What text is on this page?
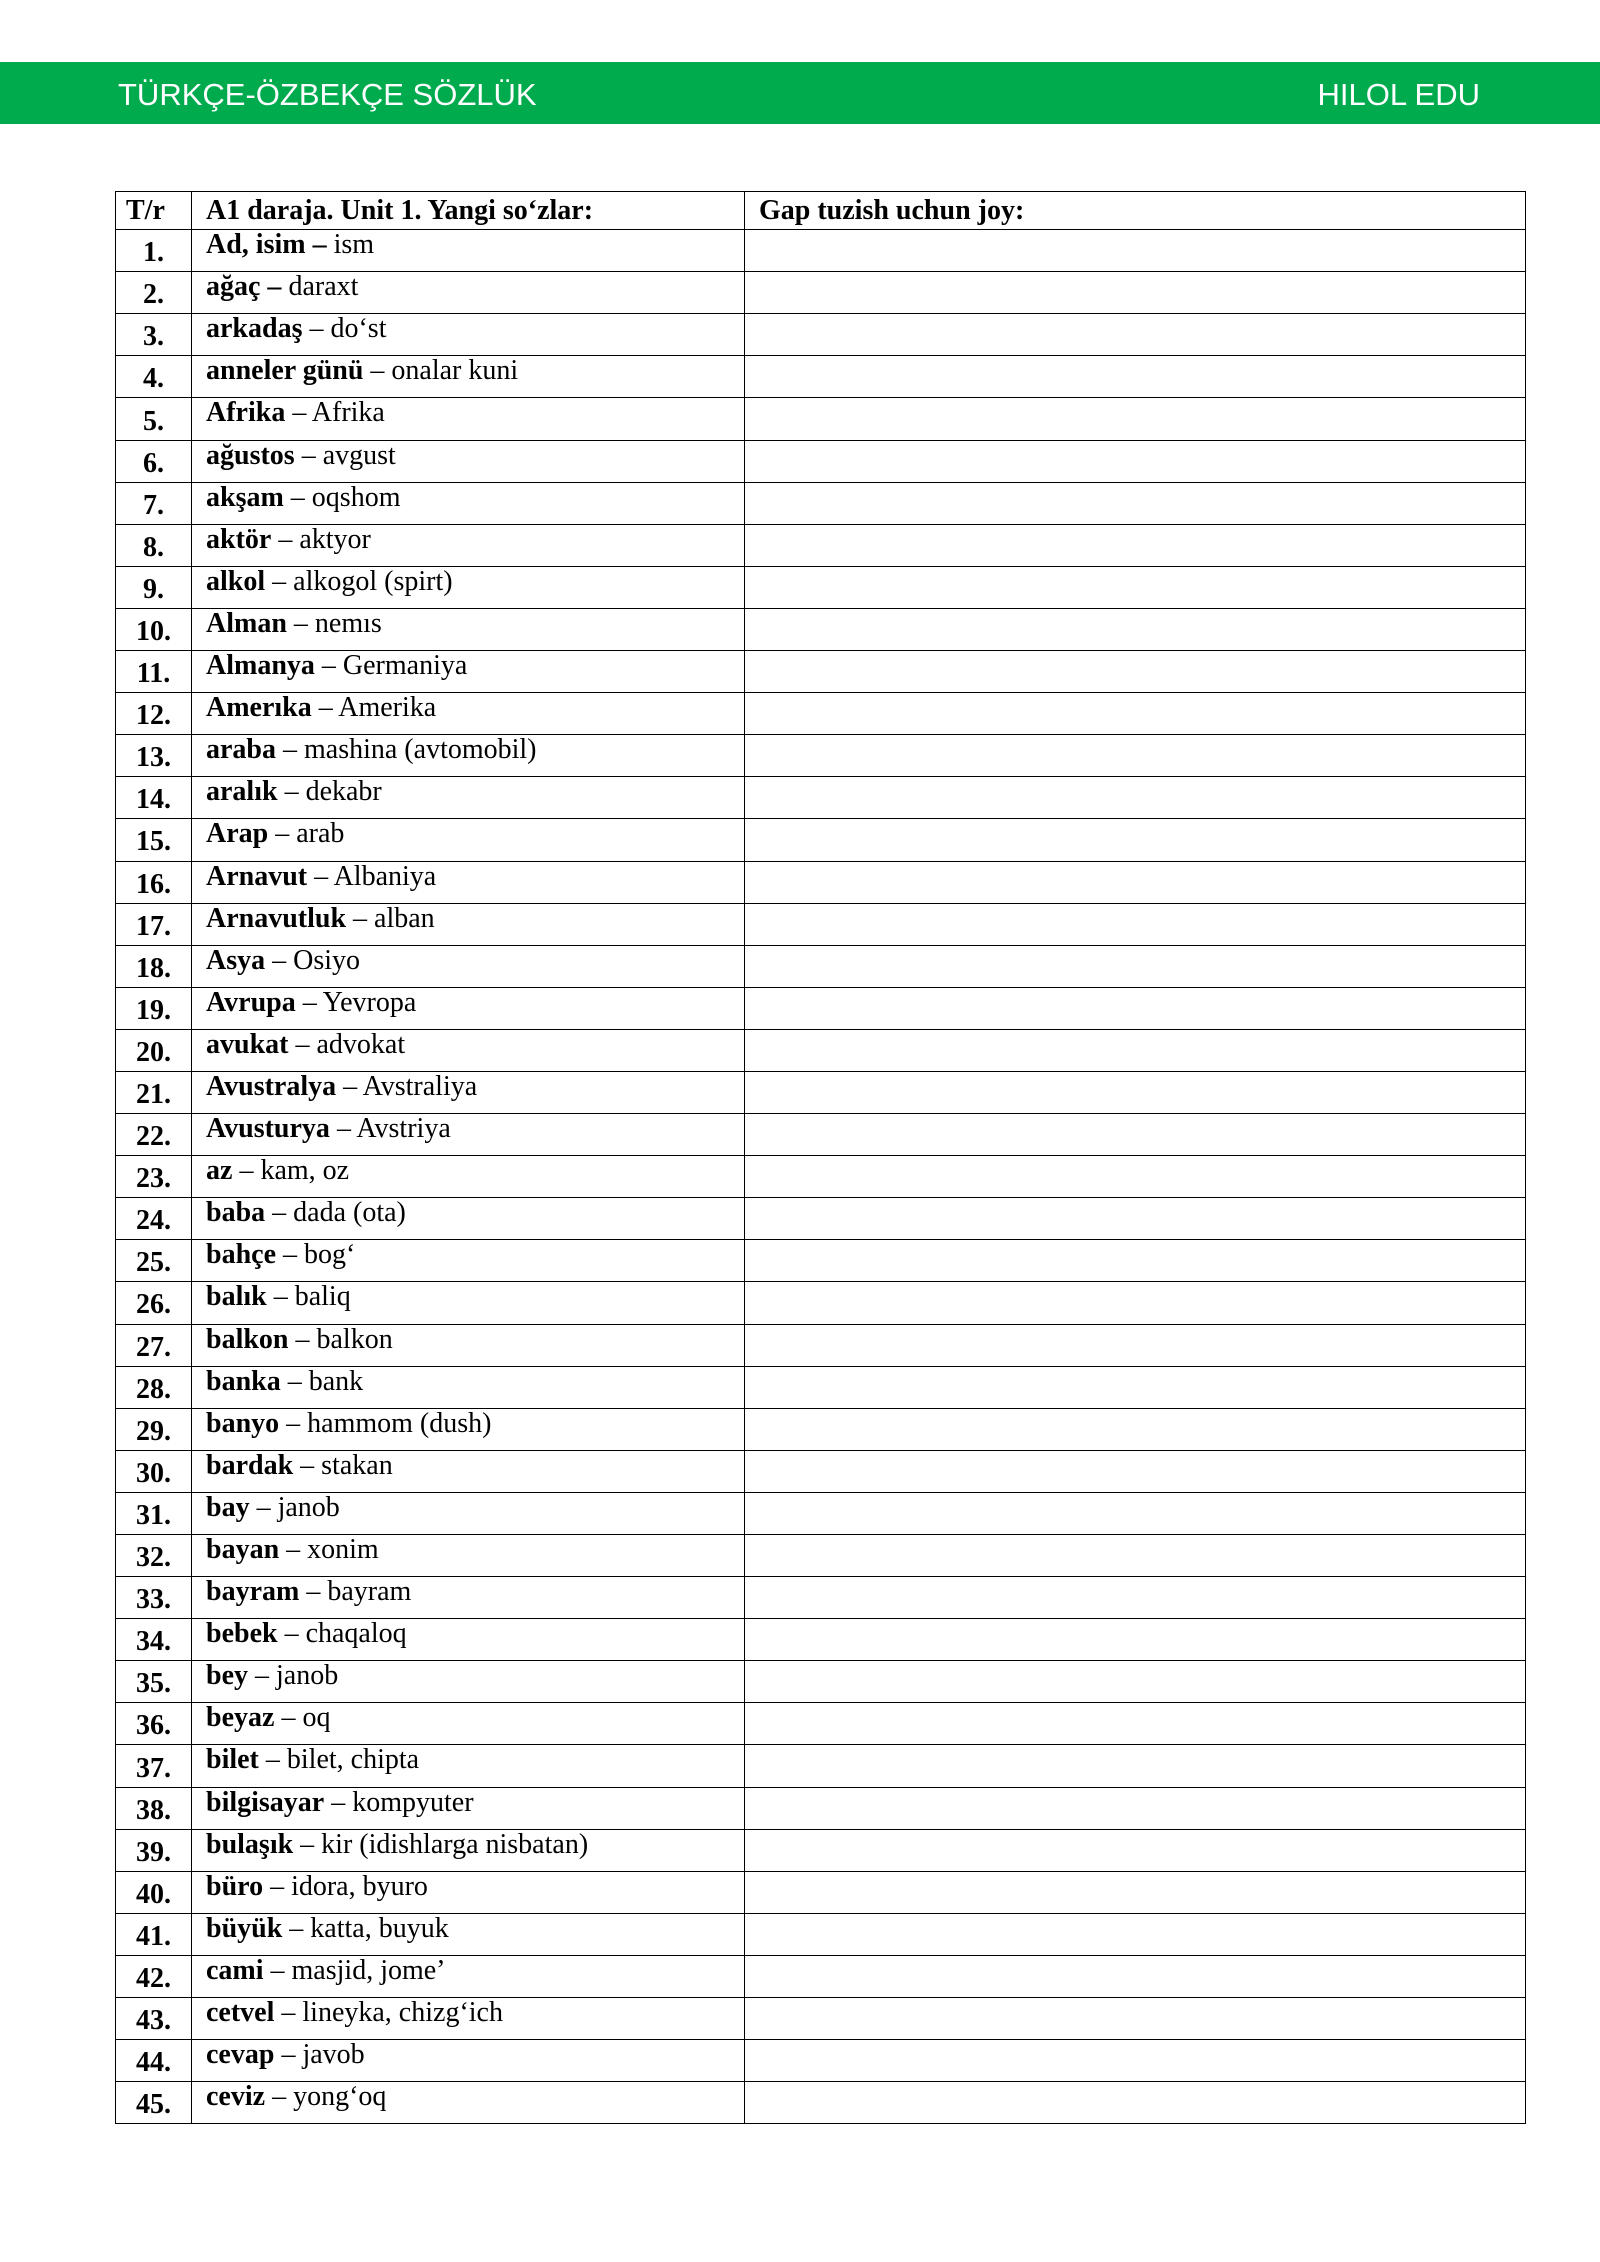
TÜRKÇE-ÖZBEKÇE SÖZLÜK	HILOL EDU
T/r	A1 daraja. Unit 1. Yangi so‘zlar:	Gap tuzish uchun joy:
1.	Ad, isim – ism	
2.	ağaç – daraxt	
3.	arkadaş – do‘st	
4.	anneler günü – onalar kuni	
5.	Afrika – Afrika	
6.	ağustos – avgust	
7.	akşam – oqshom	
8.	aktör – aktyor	
9.	alkol – alkogol (spirt)	
10.	Alman – nemıs	
11.	Almanya – Germaniya	
12.	Amerıka – Amerika	
13.	araba – mashina (avtomobil)	
14.	aralık – dekabr	
15.	Arap – arab	
16.	Arnavut – Albaniya	
17.	Arnavutluk – alban	
18.	Asya – Osiyo	
19.	Avrupa – Yevropa	
20.	avukat – advokat	
21.	Avustralya – Avstraliya	
22.	Avusturya – Avstriya	
23.	az – kam, oz	
24.	baba – dada (ota)	
25.	bahçe – bog‘	
26.	balık – baliq	
27.	balkon – balkon	
28.	banka – bank	
29.	banyo – hammom (dush)	
30.	bardak – stakan	
31.	bay – janob	
32.	bayan – xonim	
33.	bayram – bayram	
34.	bebek – chaqaloq	
35.	bey – janob	
36.	beyaz – oq	
37.	bilet – bilet, chipta	
38.	bilgisayar – kompyuter	
39.	bulaşık – kir (idishlarga nisbatan)	
40.	büro – idora, byuro	
41.	büyük – katta, buyuk	
42.	cami – masjid, jome’	
43.	cetvel – lineyka, chizg‘ich	
44.	cevap – javob	
45.	ceviz – yong‘oq	
